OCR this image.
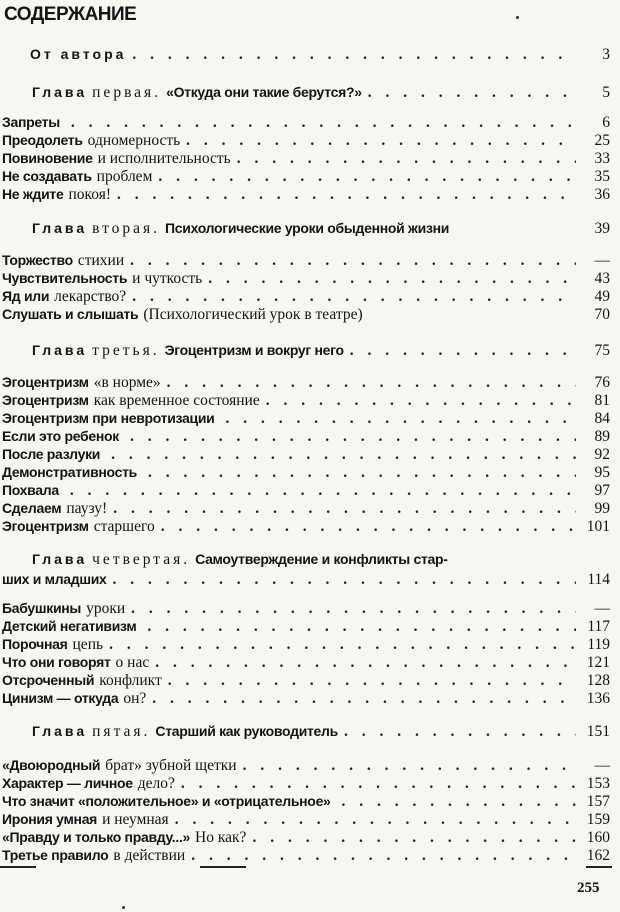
СОДЕРЖАНИЕ
От автора . . .	3
Глава первая. «Откуда они такие берутся?» . . .	5
Запреты . . .	6
Преодолеть одномерность . . .	25
Повиновение и исполнительность . . .	33
Не создавать проблем . . .	35
Не ждите покоя! . . .	36
Глава вторая. Психологические уроки обыденной жизни	39
Торжество стихии . . .	—
Чувствительность и чуткость . . .	43
Яд или лекарство? . . .	49
Слушать и слышать (Психологический урок в театре)	70
Глава третья. Эгоцентризм и вокруг него . . .	75
Эгоцентризм «в норме» . . .	76
Эгоцентризм как временное состояние . . .	81
Эгоцентризм при невротизации . . .	84
Если это ребенок . . .	89
После разлуки . . .	92
Демонстративность . . .	95
Похвала . . .	97
Сделаем паузу! . . .	99
Эгоцентризм старшего . . .	101
Глава четвертая. Самоутверждение и конфликты стар-
ших и младших . . .	114
Бабушкины уроки . . .	—
Детский негативизм . . .	117
Порочная цепь . . .	119
Что они говорят о нас . . .	121
Отсроченный конфликт . . .	128
Цинизм — откуда он? . . .	136
Глава пятая. Старший как руководитель . . .	151
«Двоюродный брат» зубной щетки . . .	—
Характер — личное дело? . . .	153
Что значит «положительное» и «отрицательное» . . .	157
Ирония умная и неумная . . .	159
«Правду и только правду...» Но как? . . .	160
Третье правило в действии . . .	162
255
